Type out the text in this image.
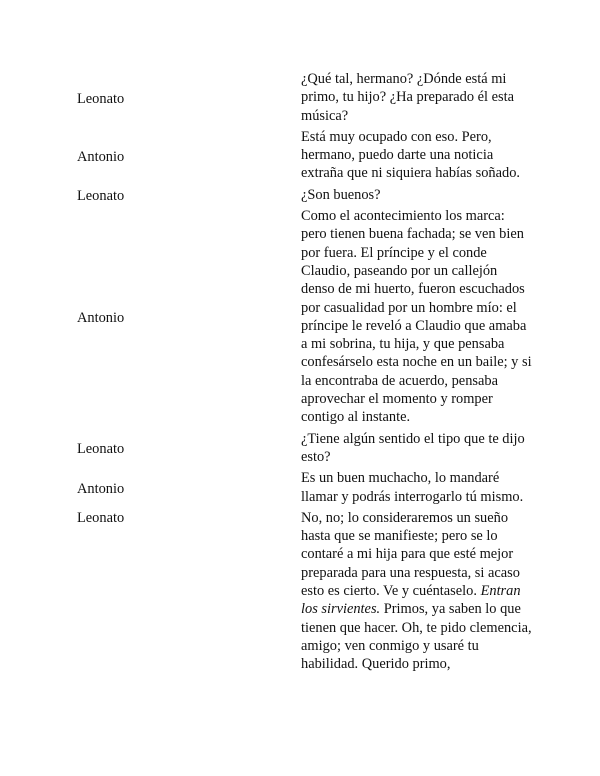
Leonato	¿Qué tal, hermano? ¿Dónde está mi primo, tu hijo? ¿Ha preparado él esta música?
Antonio	Está muy ocupado con eso. Pero, hermano, puedo darte una noticia extraña que ni siquiera habías soñado.
Leonato	¿Son buenos?
Antonio	Como el acontecimiento los marca: pero tienen buena fachada; se ven bien por fuera. El príncipe y el conde Claudio, paseando por un callejón denso de mi huerto, fueron escuchados por casualidad por un hombre mío: el príncipe le reveló a Claudio que amaba a mi sobrina, tu hija, y que pensaba confesárselo esta noche en un baile; y si la encontraba de acuerdo, pensaba aprovechar el momento y romper contigo al instante.
Leonato	¿Tiene algún sentido el tipo que te dijo esto?
Antonio	Es un buen muchacho, lo mandaré llamar y podrás interrogarlo tú mismo.
Leonato	No, no; lo consideraremos un sueño hasta que se manifieste; pero se lo contaré a mi hija para que esté mejor preparada para una respuesta, si acaso esto es cierto. Ve y cuéntaselo. Entran los sirvientes. Primos, ya saben lo que tienen que hacer. Oh, te pido clemencia, amigo; ven conmigo y usaré tu habilidad. Querido primo,
